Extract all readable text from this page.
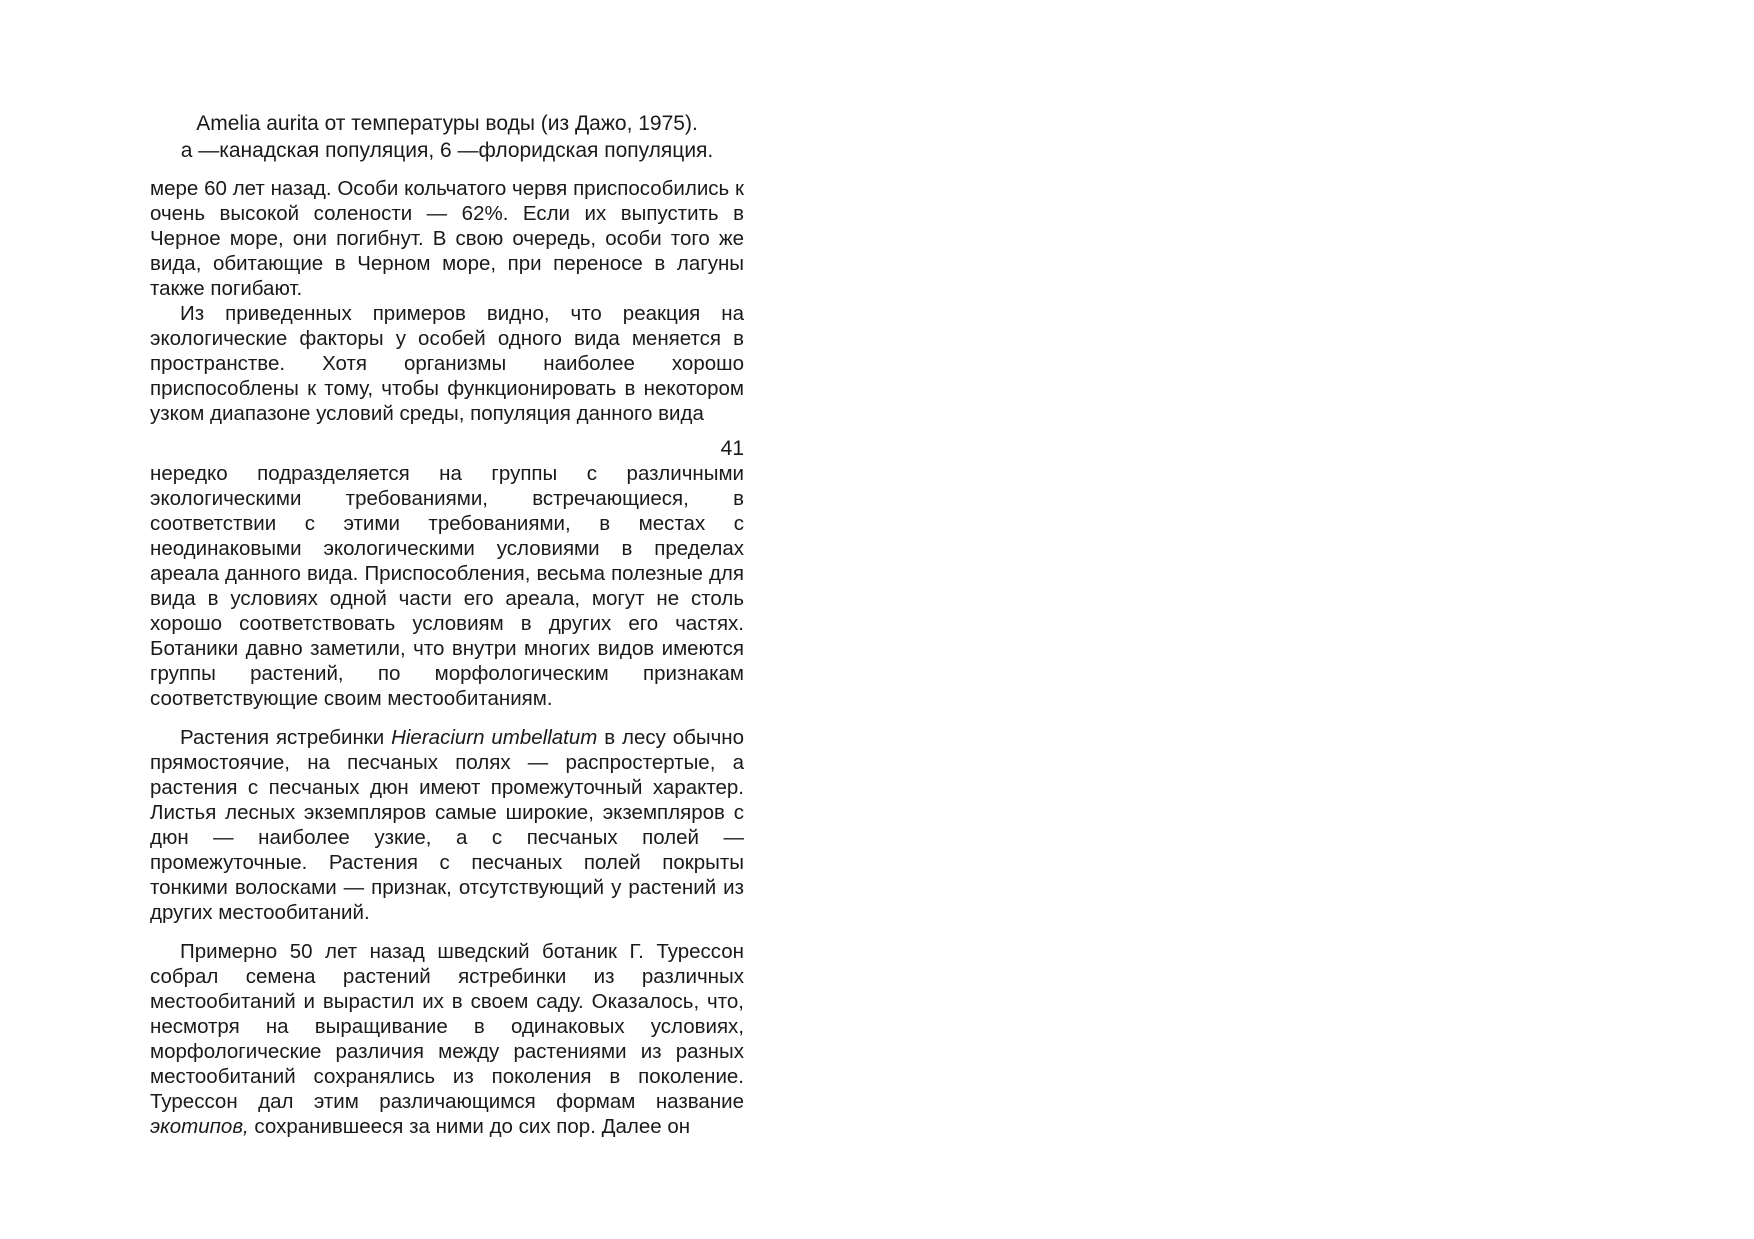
Amelia aurita от температуры воды (из Дажо, 1975).

а —канадская популяция, 6 —флоридская популяция.

мере 60 лет назад. Особи кольчатого червя приспособились к очень высокой солености — 62%. Если их выпустить в Черное море, они погибнут. В свою очередь, особи того же вида, обитающие в Черном море, при переносе в лагуны также погибают.

Из приведенных примеров видно, что реакция на экологические факторы у особей одного вида меняется в пространстве. Хотя организмы наиболее хорошо приспособлены к тому, чтобы функционировать в некотором узком диапазоне условий среды, популяция данного вида

41

нередко подразделяется на группы с различными экологическими требованиями, встречающиеся, в соответствии с этими требованиями, в местах с неодинаковыми экологическими условиями в пределах ареала данного вида. Приспособления, весьма полезные для вида в условиях одной части его ареала, могут не столь хорошо соответствовать условиям в других его частях. Ботаники давно заметили, что внутри многих видов имеются группы растений, по морфологическим признакам соответствующие своим местообитаниям.

Растения ястребинки Hieraciurn umbellatum в лесу обычно прямостоячие, на песчаных полях — распростертые, а растения с песчаных дюн имеют промежуточный характер. Листья лесных экземпляров самые широкие, экземпляров с дюн — наиболее узкие, а с песчаных полей — промежуточные. Растения с песчаных полей покрыты тонкими волосками — признак, отсутствующий у растений из других местообитаний.

Примерно 50 лет назад шведский ботаник Г. Турессон собрал семена растений ястребинки из различных местообитаний и вырастил их в своем саду. Оказалось, что, несмотря на выращивание в одинаковых условиях, морфологические различия между растениями из разных местообитаний сохранялись из поколения в поколение. Турессон дал этим различающимся формам название экотипов, сохранившееся за ними до сих пор. Далее он
